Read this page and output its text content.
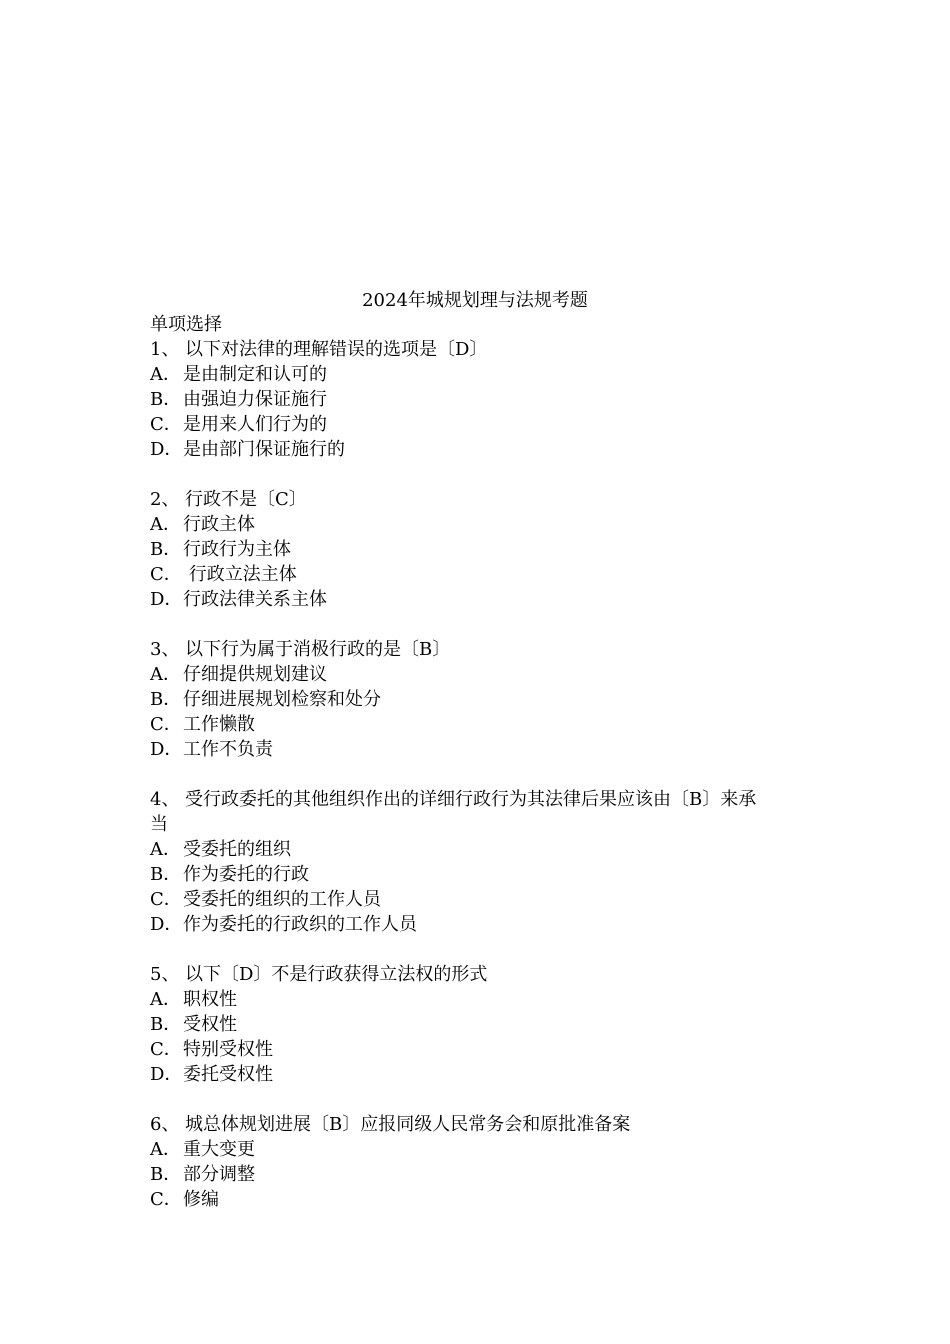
2024年城规划理与法规考题
单项选择
1、 以下对法律的理解错误的选项是〔D〕
A． 是由制定和认可的
B．由强迫力保证施行
C．是用来人们行为的
D．是由部门保证施行的
2、 行政不是〔C〕
A． 行政主体
B．行政行为主体
C． 行政立法主体
D．行政法律关系主体
3、 以下行为属于消极行政的是〔B〕
A． 仔细提供规划建议
B．仔细进展规划检察和处分
C．工作懒散
D．工作不负责
4、 受行政委托的其他组织作出的详细行政行为其法律后果应该由〔B〕来承
当
A． 受委托的组织
B．作为委托的行政
C．受委托的组织的工作人员
D．作为委托的行政织的工作人员
5、 以下〔D〕不是行政获得立法权的形式
A． 职权性
B．受权性
C．特别受权性
D．委托受权性
6、 城总体规划进展〔B〕应报同级人民常务会和原批准备案
A． 重大变更
B．部分调整
C．修编
